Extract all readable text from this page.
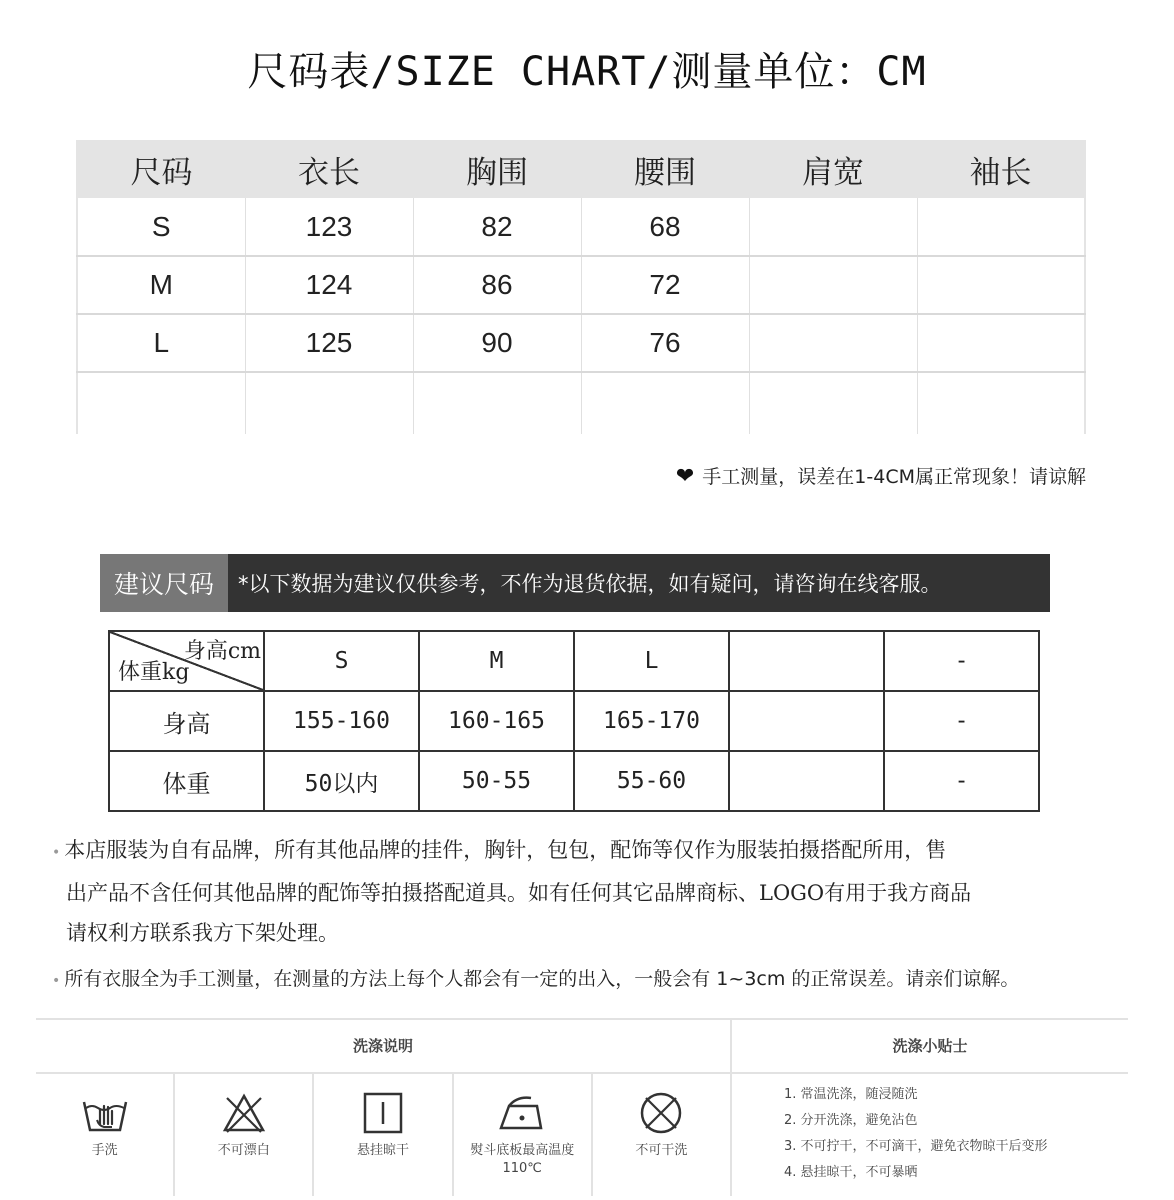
尺码表/SIZE CHART/测量单位：CM
尺码	衣长	胸围	腰围	肩宽	袖长
S	123	82	68		
M	124	86	72		
L	125	90	76		

❤ 手工测量，误差在1-4CM属正常现象！请谅解
建议尺码	*以下数据为建议仅供参考，不作为退货依据，如有疑问，请咨询在线客服。
身高cm
体重kg	S	M	L		-
身高	155-160	160-165	165-170		-
体重	50以内	50-55	55-60		-

• 本店服装为自有品牌，所有其他品牌的挂件，胸针，包包，配饰等仅作为服装拍摄搭配所用，售

出产品不含任何其他品牌的配饰等拍摄搭配道具。如有任何其它品牌商标、LOGO有用于我方商品

请权利方联系我方下架处理。

• 所有衣服全为手工测量，在测量的方法上每个人都会有一定的出入，一般会有 1~3cm 的正常误差。请亲们谅解。

洗涤说明	洗涤小贴士
手洗	不可漂白	悬挂晾干	熨斗底板最高温度110℃
不可干洗
1. 常温洗涤，随浸随洗
2. 分开洗涤，避免沾色
3. 不可拧干，不可滴干，避免衣物晾干后变形
4. 悬挂晾干，不可暴晒
